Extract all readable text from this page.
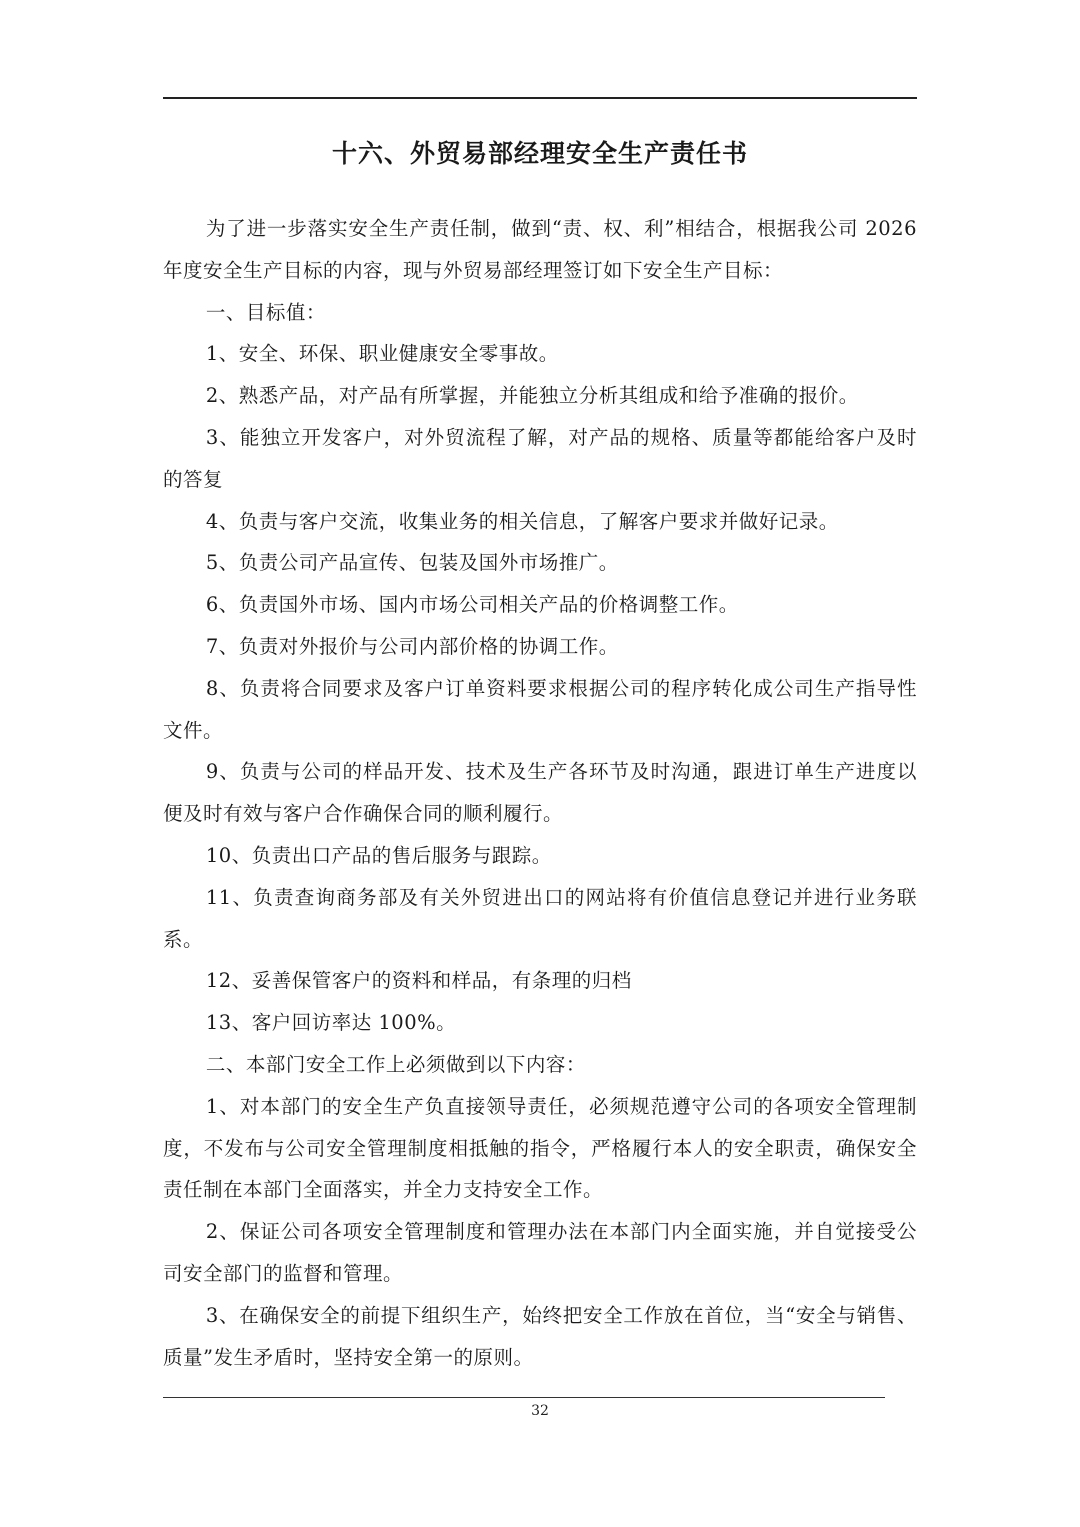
十六、外贸易部经理安全生产责任书

为了进一步落实安全生产责任制，做到“责、权、利”相结合，根据我公司 2026 年度安全生产目标的内容，现与外贸易部经理签订如下安全生产目标：

一、目标值：

1、安全、环保、职业健康安全零事故。

2、熟悉产品，对产品有所掌握，并能独立分析其组成和给予准确的报价。

3、能独立开发客户，对外贸流程了解，对产品的规格、质量等都能给客户及时的答复

4、负责与客户交流，收集业务的相关信息，了解客户要求并做好记录。

5、负责公司产品宣传、包装及国外市场推广。

6、负责国外市场、国内市场公司相关产品的价格调整工作。

7、负责对外报价与公司内部价格的协调工作。

8、负责将合同要求及客户订单资料要求根据公司的程序转化成公司生产指导性文件。

9、负责与公司的样品开发、技术及生产各环节及时沟通，跟进订单生产进度以便及时有效与客户合作确保合同的顺利履行。

10、负责出口产品的售后服务与跟踪。

11、负责查询商务部及有关外贸进出口的网站将有价值信息登记并进行业务联系。

12、妥善保管客户的资料和样品，有条理的归档

13、客户回访率达 100%。

二、本部门安全工作上必须做到以下内容：

1、对本部门的安全生产负直接领导责任，必须规范遵守公司的各项安全管理制度，不发布与公司安全管理制度相抵触的指令，严格履行本人的安全职责，确保安全责任制在本部门全面落实，并全力支持安全工作。

2、保证公司各项安全管理制度和管理办法在本部门内全面实施，并自觉接受公司安全部门的监督和管理。

3、在确保安全的前提下组织生产，始终把安全工作放在首位，当“安全与销售、质量”发生矛盾时，坚持安全第一的原则。

32
